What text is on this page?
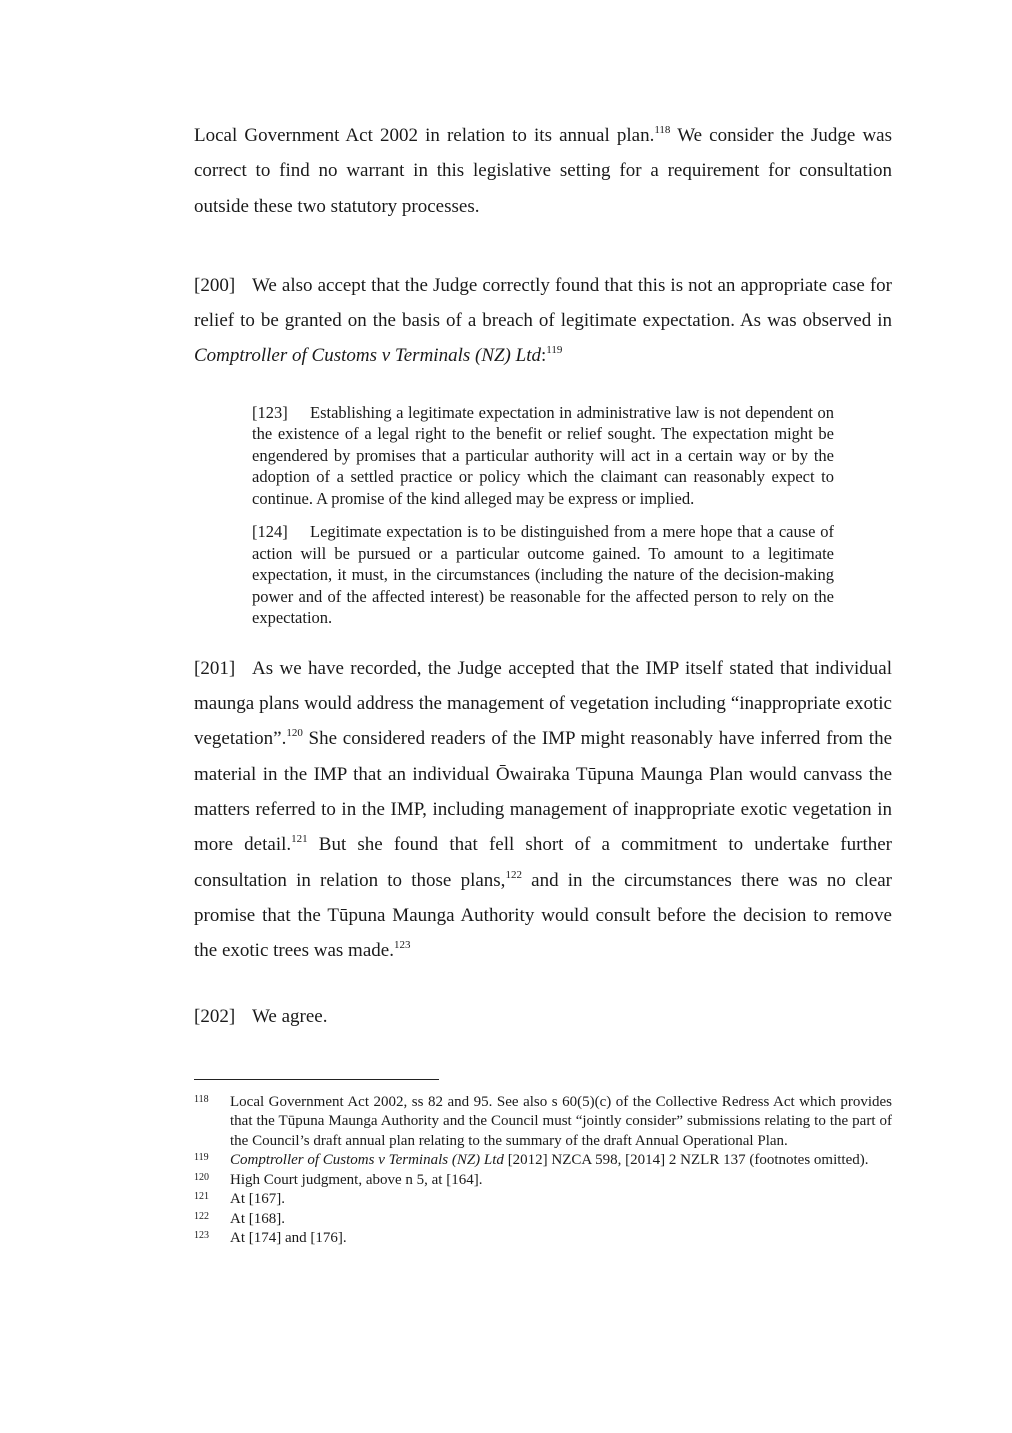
Local Government Act 2002 in relation to its annual plan.$^{118}$ We consider the Judge was correct to find no warrant in this legislative setting for a requirement for consultation outside these two statutory processes.

[200] We also accept that the Judge correctly found that this is not an appropriate case for relief to be granted on the basis of a breach of legitimate expectation. As was observed in Comptroller of Customs v Terminals (NZ) Ltd:$^{119}$

[123] Establishing a legitimate expectation in administrative law is not dependent on the existence of a legal right to the benefit or relief sought. The expectation might be engendered by promises that a particular authority will act in a certain way or by the adoption of a settled practice or policy which the claimant can reasonably expect to continue. A promise of the kind alleged may be express or implied.

[124] Legitimate expectation is to be distinguished from a mere hope that a cause of action will be pursued or a particular outcome gained. To amount to a legitimate expectation, it must, in the circumstances (including the nature of the decision-making power and of the affected interest) be reasonable for the affected person to rely on the expectation.

[201] As we have recorded, the Judge accepted that the IMP itself stated that individual maunga plans would address the management of vegetation including “inappropriate exotic vegetation”.$^{120}$ She considered readers of the IMP might reasonably have inferred from the material in the IMP that an individual Ōwairaka Tūpuna Maunga Plan would canvass the matters referred to in the IMP, including management of inappropriate exotic vegetation in more detail.$^{121}$ But she found that fell short of a commitment to undertake further consultation in relation to those plans,$^{122}$ and in the circumstances there was no clear promise that the Tūpuna Maunga Authority would consult before the decision to remove the exotic trees was made.$^{123}$

[202] We agree.

118	Local Government Act 2002, ss 82 and 95. See also s 60(5)(c) of the Collective Redress Act which provides that the Tūpuna Maunga Authority and the Council must “jointly consider” submissions relating to the part of the Council’s draft annual plan relating to the summary of the draft Annual Operational Plan.
119	Comptroller of Customs v Terminals (NZ) Ltd [2012] NZCA 598, [2014] 2 NZLR 137 (footnotes omitted).
120	High Court judgment, above n 5, at [164].
121	At [167].
122	At [168].
123	At [174] and [176].
